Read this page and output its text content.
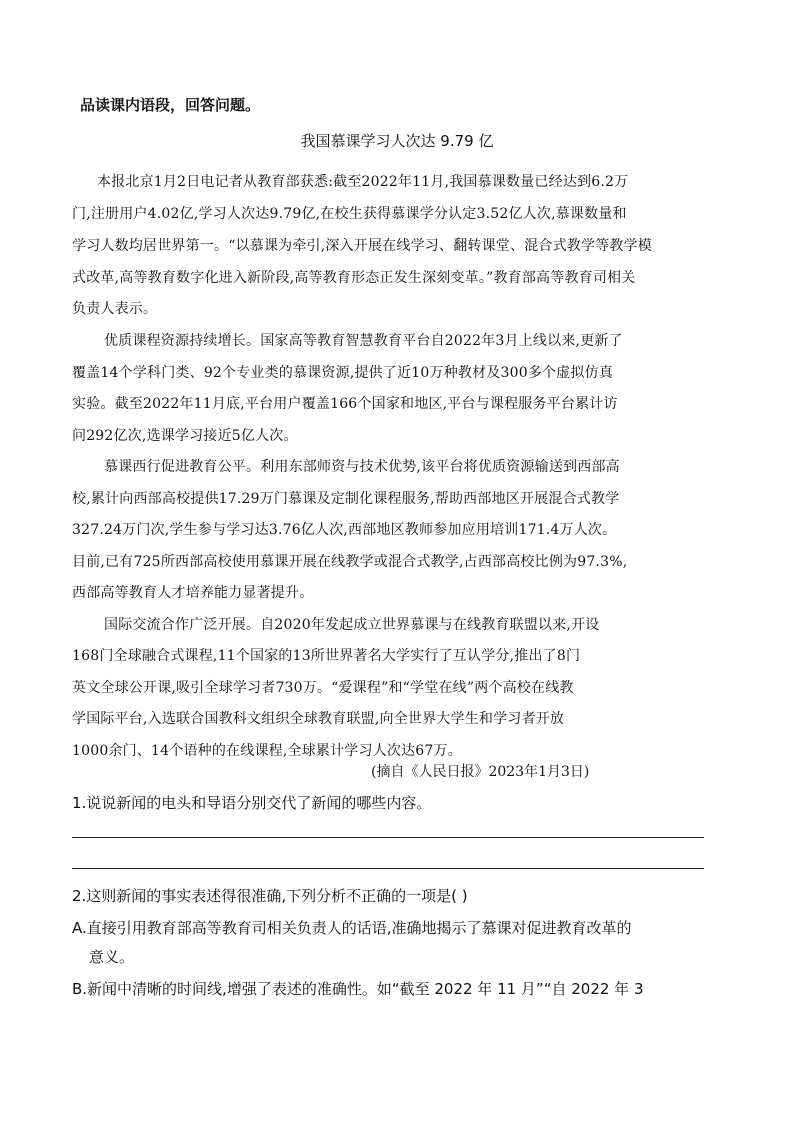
品读课内语段，回答问题。
我国慕课学习人次达 9.79 亿
本报北京1月2日电记者从教育部获悉:截至2022年11月,我国慕课数量已经达到6.2万
门,注册用户4.02亿,学习人次达9.79亿,在校生获得慕课学分认定3.52亿人次,慕课数量和
学习人数均居世界第一。“以慕课为牵引,深入开展在线学习、翻转课堂、混合式教学等教学模
式改革,高等教育数字化进入新阶段,高等教育形态正发生深刻变革。”教育部高等教育司相关
负责人表示。
优质课程资源持续增长。国家高等教育智慧教育平台自2022年3月上线以来,更新了
覆盖14个学科门类、92个专业类的慕课资源,提供了近10万种教材及300多个虚拟仿真
实验。截至2022年11月底,平台用户覆盖166个国家和地区,平台与课程服务平台累计访
问292亿次,选课学习接近5亿人次。
慕课西行促进教育公平。利用东部师资与技术优势,该平台将优质资源输送到西部高
校,累计向西部高校提供17.29万门慕课及定制化课程服务,帮助西部地区开展混合式教学
327.24万门次,学生参与学习达3.76亿人次,西部地区教师参加应用培训171.4万人次。
目前,已有725所西部高校使用慕课开展在线教学或混合式教学,占西部高校比例为97.3%,
西部高等教育人才培养能力显著提升。
国际交流合作广泛开展。自2020年发起成立世界慕课与在线教育联盟以来,开设
168门全球融合式课程,11个国家的13所世界著名大学实行了互认学分,推出了8门
英文全球公开课,吸引全球学习者730万。“爱课程”和“学堂在线”两个高校在线教
学国际平台,入选联合国教科文组织全球教育联盟,向全世界大学生和学习者开放
1000余门、14个语种的在线课程,全球累计学习人次达67万。
(摘自《人民日报》2023年1月3日)
1.说说新闻的电头和导语分别交代了新闻的哪些内容。
2.这则新闻的事实表述得很准确,下列分析不正确的一项是( )
A.直接引用教育部高等教育司相关负责人的话语,准确地揭示了慕课对促进教育改革的
意义。
B.新闻中清晰的时间线,增强了表述的准确性。如“截至 2022 年 11 月”“自 2022 年 3
